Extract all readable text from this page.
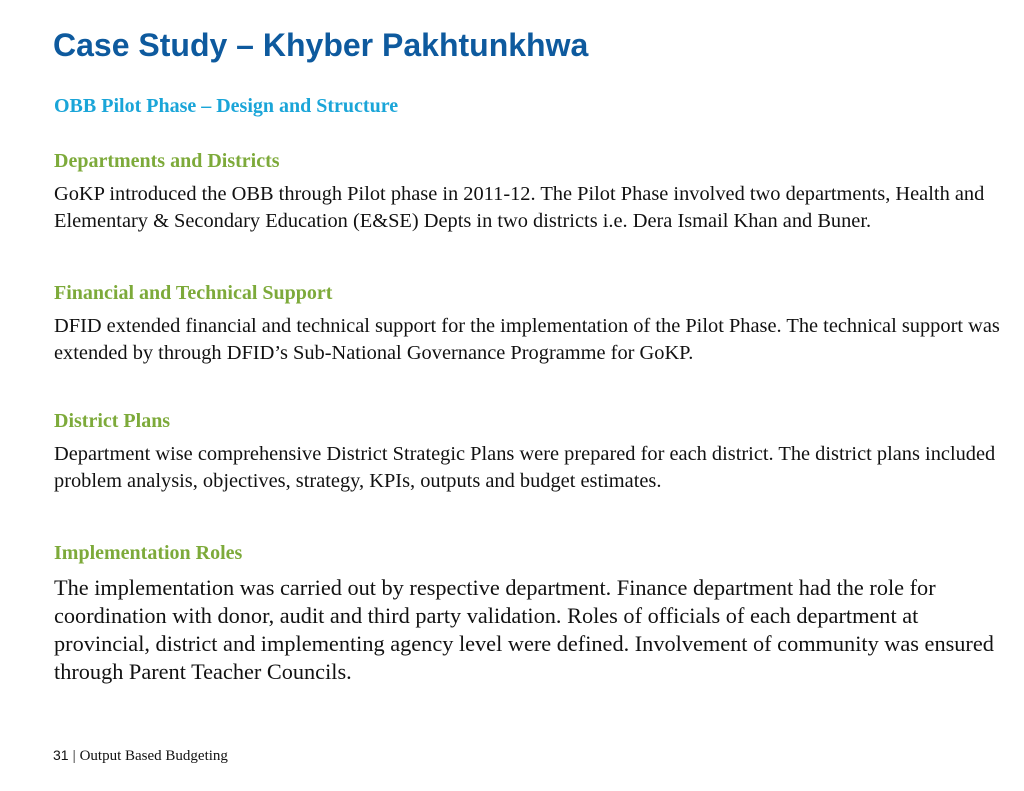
Case Study – Khyber Pakhtunkhwa
OBB Pilot Phase – Design and Structure
Departments and Districts

GoKP introduced the OBB through Pilot phase in 2011-12. The Pilot Phase involved two departments, Health and Elementary & Secondary Education (E&SE) Depts in two districts i.e. Dera Ismail Khan and Buner.

Financial and Technical Support

DFID extended financial and technical support for the implementation of the Pilot Phase. The technical support was extended by through DFID’s Sub-National Governance Programme for GoKP.

District Plans

Department wise comprehensive District Strategic Plans were prepared for each district. The district plans included problem analysis, objectives, strategy, KPIs, outputs and budget estimates.

Implementation Roles

The implementation was carried out by respective department. Finance department had the role for coordination with donor, audit and third party validation. Roles of officials of each department at provincial, district and implementing agency level were defined. Involvement of community was ensured through Parent Teacher Councils.

31 | Output Based Budgeting
